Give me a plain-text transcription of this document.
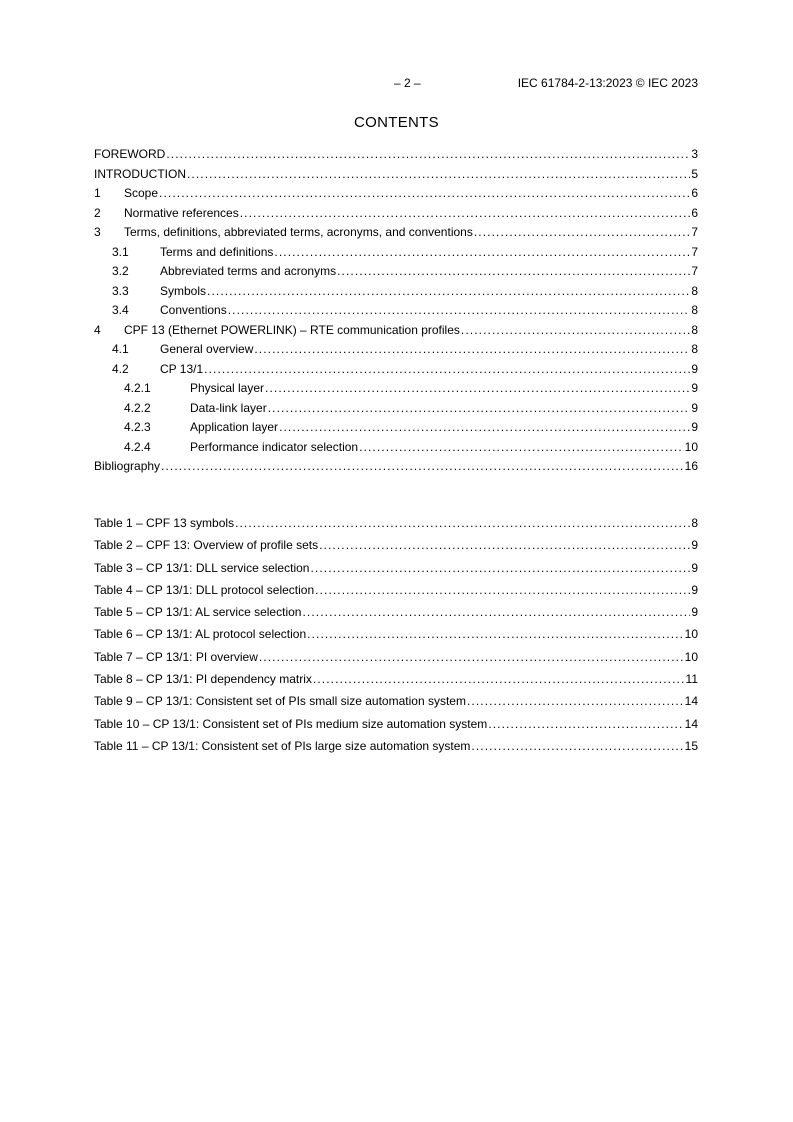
– 2 –	IEC 61784-2-13:2023 © IEC 2023
CONTENTS
FOREWORD .....	3
INTRODUCTION .....	5
1	Scope .....	6
2	Normative references .....	6
3	Terms, definitions, abbreviated terms, acronyms, and conventions .....	7
3.1	Terms and definitions .....	7
3.2	Abbreviated terms and acronyms .....	7
3.3	Symbols .....	8
3.4	Conventions .....	8
4	CPF 13 (Ethernet POWERLINK) – RTE communication profiles .....	8
4.1	General overview .....	8
4.2	CP 13/1 .....	9
4.2.1	Physical layer .....	9
4.2.2	Data-link layer .....	9
4.2.3	Application layer .....	9
4.2.4	Performance indicator selection .....	10
Bibliography .....	16
Table 1 – CPF 13 symbols .....	8
Table 2 – CPF 13: Overview of profile sets .....	9
Table 3 – CP 13/1: DLL service selection .....	9
Table 4 – CP 13/1: DLL protocol selection .....	9
Table 5 – CP 13/1: AL service selection .....	9
Table 6 – CP 13/1: AL protocol selection .....	10
Table 7 – CP 13/1: PI overview .....	10
Table 8 – CP 13/1: PI dependency matrix .....	11
Table 9 – CP 13/1: Consistent set of PIs small size automation system .....	14
Table 10 – CP 13/1: Consistent set of PIs medium size automation system .....	14
Table 11 – CP 13/1: Consistent set of PIs large size automation system .....	15
